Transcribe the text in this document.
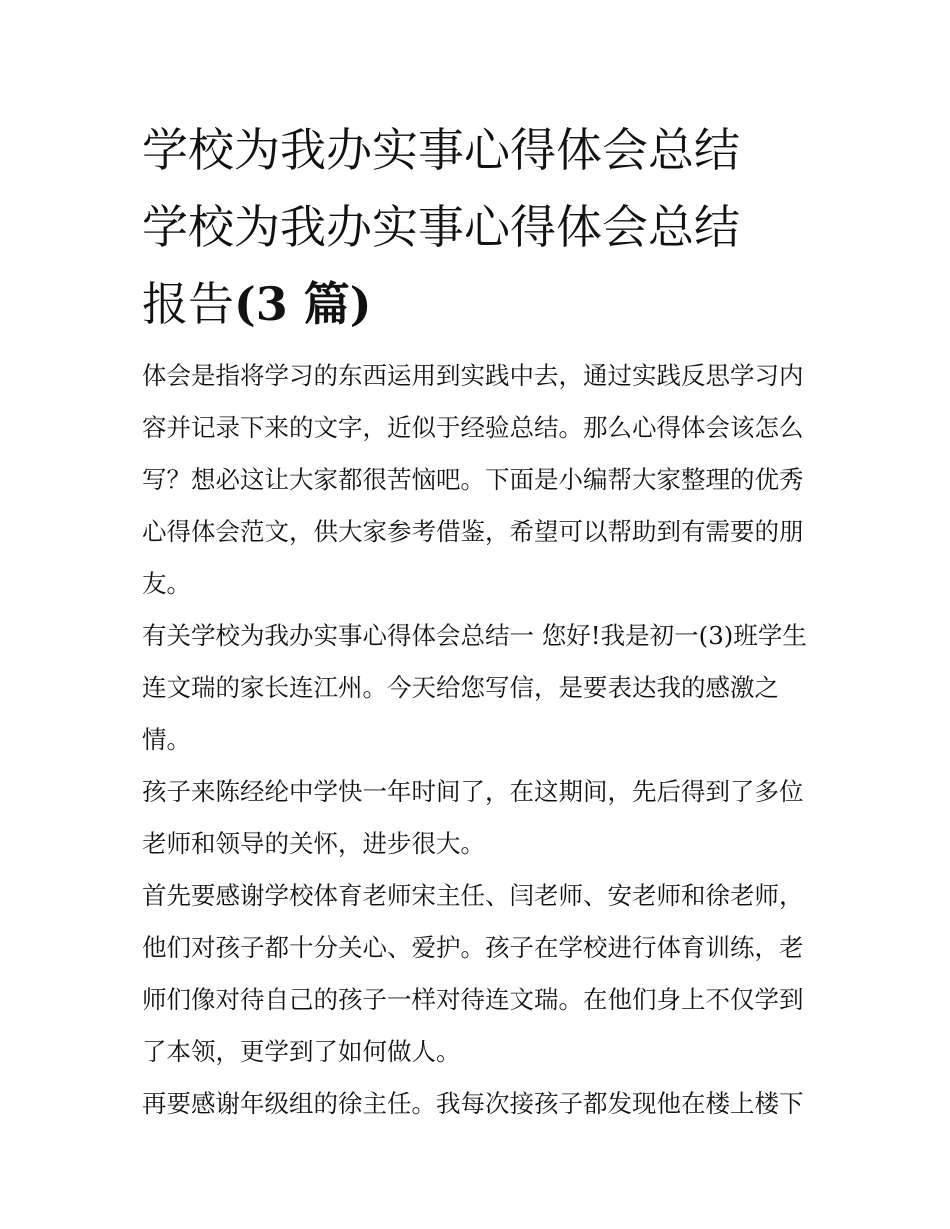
学校为我办实事心得体会总结
学校为我办实事心得体会总结
报告(3 篇)

体会是指将学习的东西运用到实践中去，通过实践反思学习内
容并记录下来的文字，近似于经验总结。那么心得体会该怎么
写？想必这让大家都很苦恼吧。下面是小编帮大家整理的优秀
心得体会范文，供大家参考借鉴，希望可以帮助到有需要的朋
友。

有关学校为我办实事心得体会总结一 您好!我是初一(3)班学生
连文瑞的家长连江州。今天给您写信，是要表达我的感激之
情。

孩子来陈经纶中学快一年时间了，在这期间，先后得到了多位
老师和领导的关怀，进步很大。

首先要感谢学校体育老师宋主任、闫老师、安老师和徐老师，
他们对孩子都十分关心、爱护。孩子在学校进行体育训练，老
师们像对待自己的孩子一样对待连文瑞。在他们身上不仅学到
了本领，更学到了如何做人。

再要感谢年级组的徐主任。我每次接孩子都发现他在楼上楼下
